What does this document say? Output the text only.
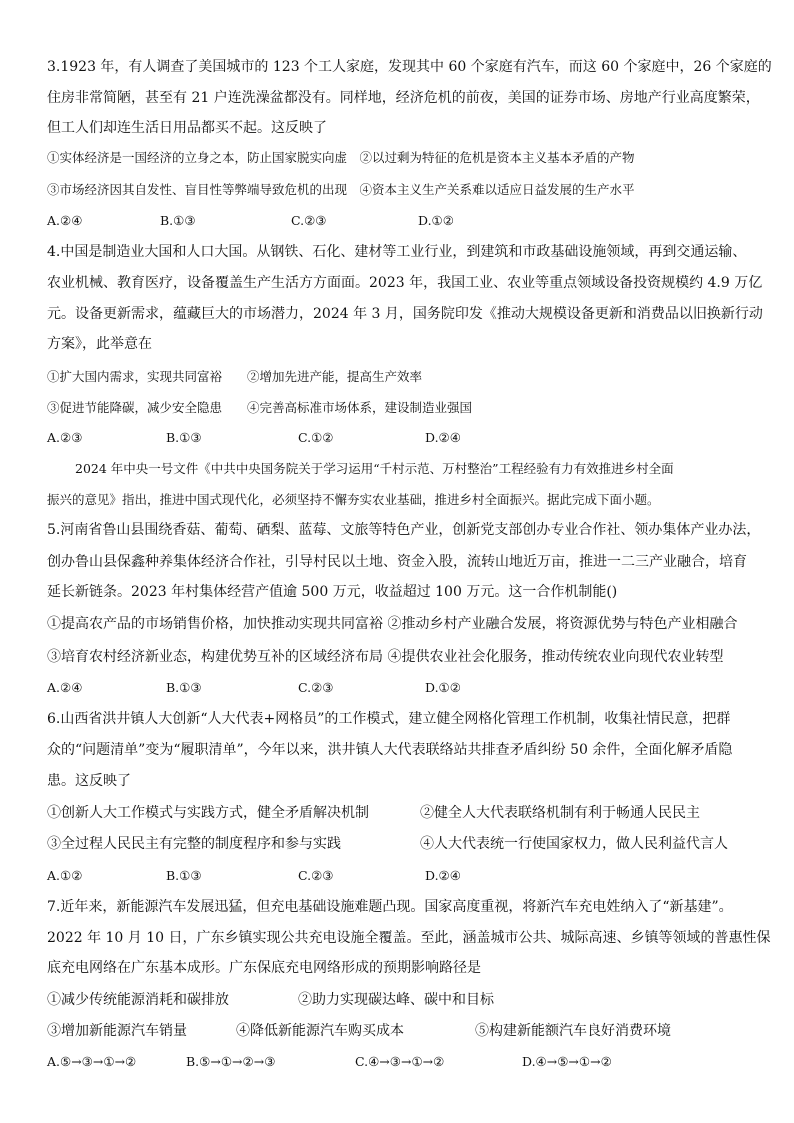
3.1923 年，有人调查了美国城市的 123 个工人家庭，发现其中 60 个家庭有汽车，而这 60 个家庭中，26 个家庭的
住房非常简陋，甚至有 21 户连洗澡盆都没有。同样地，经济危机的前夜，美国的证券市场、房地产行业高度繁荣，
但工人们却连生活日用品都买不起。这反映了
①实体经济是一国经济的立身之本，防止国家脱实向虚　②以过剩为特征的危机是资本主义基本矛盾的产物
③市场经济因其自发性、盲目性等弊端导致危机的出现　④资本主义生产关系难以适应日益发展的生产水平
A.②④	B.①③	C.②③	D.①②
4.中国是制造业大国和人口大国。从钢铁、石化、建材等工业行业，到建筑和市政基础设施领域，再到交通运输、
农业机械、教育医疗，设备覆盖生产生活方方面面。2023 年，我国工业、农业等重点领域设备投资规模约 4.9 万亿
元。设备更新需求，蕴藏巨大的市场潜力，2024 年 3 月，国务院印发《推动大规模设备更新和消费品以旧换新行动
方案》，此举意在
①扩大国内需求，实现共同富裕　　②增加先进产能，提高生产效率
③促进节能降碳，减少安全隐患　　④完善高标准市场体系，建设制造业强国
A.②③	B.①③	C.①②	D.②④
2024 年中央一号文件《中共中央国务院关于学习运用“千村示范、万村整治”工程经验有力有效推进乡村全面
振兴的意见》指出，推进中国式现代化，必须坚持不懈夯实农业基础，推进乡村全面振兴。据此完成下面小题。
5.河南省鲁山县围绕香菇、葡萄、硒梨、蓝莓、文旅等特色产业，创新党支部创办专业合作社、领办集体产业办法，
创办鲁山县保鑫种养集体经济合作社，引导村民以土地、资金入股，流转山地近万亩，推进一二三产业融合，培育
延长新链条。2023 年村集体经营产值逾 500 万元，收益超过 100 万元。这一合作机制能()
①提高农产品的市场销售价格，加快推动实现共同富裕 ②推动乡村产业融合发展，将资源优势与特色产业相融合
③培育农村经济新业态，构建优势互补的区域经济布局 ④提供农业社会化服务，推动传统农业向现代农业转型
A.②④	B.①③	C.②③	D.①②
6.山西省洪井镇人大创新“人大代表+网格员”的工作模式，建立健全网格化管理工作机制，收集社情民意，把群
众的“问题清单”变为“履职清单”，今年以来，洪井镇人大代表联络站共排查矛盾纠纷 50 余件，全面化解矛盾隐
患。这反映了
①创新人大工作模式与实践方式，健全矛盾解决机制	②健全人大代表联络机制有利于畅通人民民主
③全过程人民民主有完整的制度程序和参与实践	④人大代表统一行使国家权力，做人民利益代言人
A.①②	B.①③	C.②③	D.②④
7.近年来，新能源汽车发展迅猛，但充电基础设施难题凸现。国家高度重视，将新汽车充电姓纳入了“新基建”。
2022 年 10 月 10 日，广东乡镇实现公共充电设施全覆盖。至此，涵盖城市公共、城际高速、乡镇等领域的普惠性保
底充电网络在广东基本成形。广东保底充电网络形成的预期影响路径是
①减少传统能源消耗和碳排放	②助力实现碳达峰、碳中和目标
③增加新能源汽车销量	④降低新能源汽车购买成本	⑤构建新能额汽车良好消费环境
A.⑤→③→①→②	B.⑤→①→②→③	C.④→③→①→②	D.④→⑤→①→②
